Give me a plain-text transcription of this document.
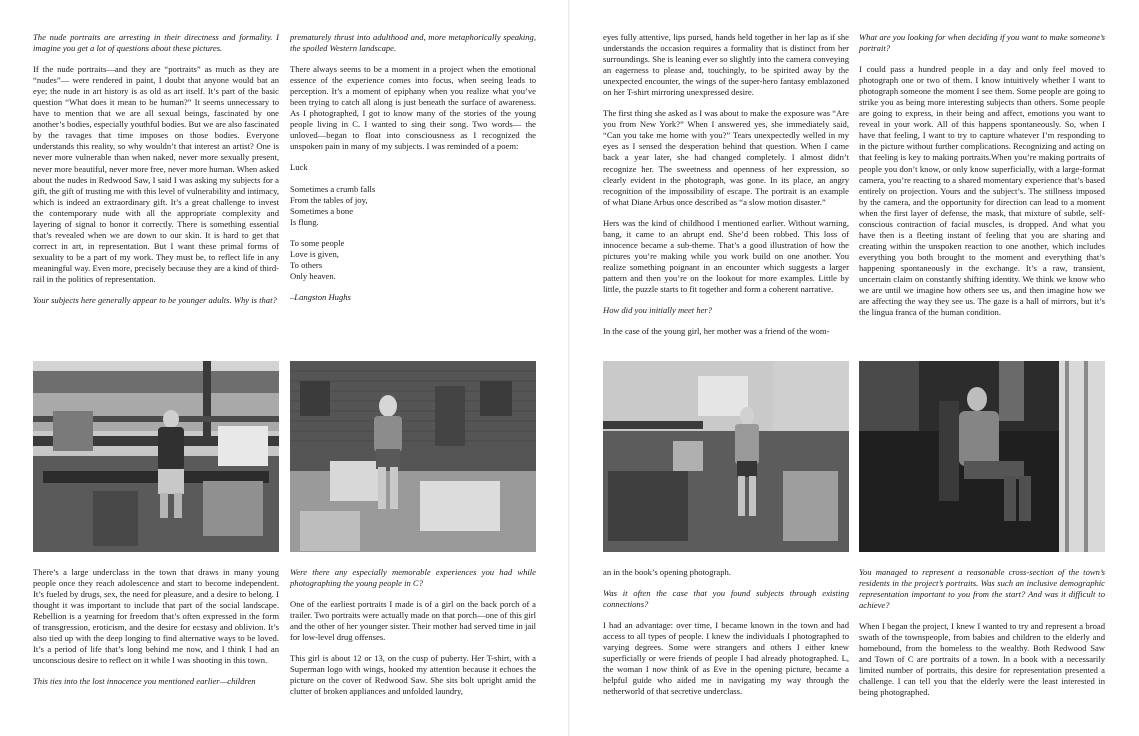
The nude portraits are arresting in their directness and formality. I imagine you get a lot of questions about these pictures.

If the nude portraits—and they are “portraits” as much as they are “nudes”— were rendered in paint, I doubt that anyone would bat an eye; the nude in art history is as old as art itself. It’s part of the basic question “What does it mean to be human?” It seems unnecessary to have to mention that we are all sexual beings, fascinated by one another’s bodies, especially youthful bodies. But we are also fascinated by the ravages that time imposes on those bodies. Everyone understands this reality, so why wouldn’t that interest an artist? One is never more vulnerable than when naked, never more sexually present, never more beautiful, never more free, never more human. When asked about the nudes in Redwood Saw, I said I was asking my subjects for a gift, the gift of trusting me with this level of vulnerability and intimacy, which is indeed an extraordinary gift. It’s a great challenge to invest the contemporary nude with all the appropriate complexity and layering of signal to honor it correctly. There is something essential that’s revealed when we are down to our skin. It is hard to get that correct in art, in representation. But I want these primal forms of sexuality to be a part of my work. They must be, to reflect life in any meaningful way. Even more, precisely because they are a kind of third-rail in the politics of representation.

Your subjects here generally appear to be younger adults. Why is that?

prematurely thrust into adulthood and, more metaphorically speaking, the spoiled Western landscape.

There always seems to be a moment in a project when the emotional essence of the experience comes into focus, when seeing leads to perception. It’s a moment of epiphany when you realize what you’ve been trying to catch all along is just beneath the surface of awareness. As I photographed, I got to know many of the stories of the young people living in C. I wanted to sing their song. Two words— the unloved—began to float into consciousness as I recognized the unspoken pain in many of my subjects. I was reminded of a poem:

Luck

Sometimes a crumb falls
From the tables of joy,
Sometimes a bone
Is flung.

To some people
Love is given,
To others
Only heaven.

–Langston Hughs

eyes fully attentive, lips pursed, hands held together in her lap as if she understands the occasion requires a formality that is distinct from her surroundings. She is leaning ever so slightly into the camera conveying an eagerness to please and, touchingly, to be spirited away by the unexpected encounter, the wings of the super-hero fantasy emblazoned on her T-shirt mirroring unexpressed desire.

The first thing she asked as I was about to make the exposure was “Are you from New York?” When I answered yes, she immediately said, “Can you take me home with you?” Tears unexpectedly welled in my eyes as I sensed the desperation behind that question. When I came back a year later, she had changed completely. I almost didn’t recognize her. The sweetness and openness of her expression, so clearly evident in the photograph, was gone. In its place, an angry recognition of the impossibility of escape. The portrait is an example of what Diane Arbus once described as “a slow motion disaster.”

Hers was the kind of childhood I mentioned earlier. Without warning, bang, it came to an abrupt end. She’d been robbed. This loss of innocence became a sub-theme. That’s a good illustration of how the pictures you’re making while you work build on one another. You realize something poignant in an encounter which suggests a larger pattern and then you’re on the lookout for more examples. Little by little, the puzzle starts to fit together and form a coherent narrative.

How did you initially meet her?

In the case of the young girl, her mother was a friend of the wom-

What are you looking for when deciding if you want to make someone’s portrait?

I could pass a hundred people in a day and only feel moved to photograph one or two of them. I know intuitively whether I want to photograph someone the moment I see them. Some people are going to strike you as being more interesting subjects than others. Some people are going to express, in their being and affect, emotions you want to reveal in your work. All of this happens spontaneously. So, when I have that feeling, I want to try to capture whatever I’m responding to in the picture without further complications. Recognizing and acting on that feeling is key to making portraits.When you’re making portraits of people you don’t know, or only know superficially, with a large-format camera, you’re reacting to a shared momentary experience that’s based entirely on projection. Yours and the subject’s. The stillness imposed by the camera, and the opportunity for direction can lead to a moment when the first layer of defense, the mask, that mixture of subtle, self-conscious contraction of facial muscles, is dropped. And what you have then is a fleeting instant of feeling that you are sharing and creating within the unspoken reaction to one another, which includes everything you both brought to the moment and everything that’s happening spontaneously in the exchange. It’s a raw, transient, uncertain claim on constantly shifting identity. We think we know who we are until we imagine how others see us, and then imagine how we are affecting the way they see us. The gaze is a hall of mirrors, but it’s the lingua franca of the human condition.

There’s a large underclass in the town that draws in many young people once they reach adolescence and start to become independent. It’s fueled by drugs, sex, the need for pleasure, and a desire to belong. I thought it was important to include that part of the social landscape. Rebellion is a yearning for freedom that’s often expressed in the form of transgression, eroticism, and the desire for ecstasy and oblivion. It’s also tied up with the deep longing to find alternative ways to be loved. It’s a period of life that’s long behind me now, and I think I had an unconscious desire to reflect on it while I was shooting in this town.

This ties into the lost innocence you mentioned earlier—children

Were there any especially memorable experiences you had while photographing the young people in C?

One of the earliest portraits I made is of a girl on the back porch of a trailer. Two portraits were actually made on that porch—one of this girl and the other of her younger sister. Their mother had served time in jail for low-level drug offenses.

This girl is about 12 or 13, on the cusp of puberty. Her T-shirt, with a Superman logo with wings, hooked my attention because it echoes the picture on the cover of Redwood Saw. She sits bolt upright amid the clutter of broken appliances and unfolded laundry,

an in the book’s opening photograph.

Was it often the case that you found subjects through existing connections?

I had an advantage: over time, I became known in the town and had access to all types of people. I knew the individuals I photographed to varying degrees. Some were strangers and others I either knew superficially or were friends of people I had already photographed. L, the woman I now think of as Eve in the opening picture, became a helpful guide who aided me in navigating my way through the netherworld of that secretive underclass.

You managed to represent a reasonable cross-section of the town’s residents in the project’s portraits. Was such an inclusive demographic representation important to you from the start? And was it difficult to achieve?

When I began the project, I knew I wanted to try and represent a broad swath of the townspeople, from babies and children to the elderly and homebound, from the homeless to the wealthy. Both Redwood Saw and Town of C are portraits of a town. In a book with a necessarily limited number of portraits, this desire for representation presented a challenge. I can tell you that the elderly were the least interested in being photographed.
